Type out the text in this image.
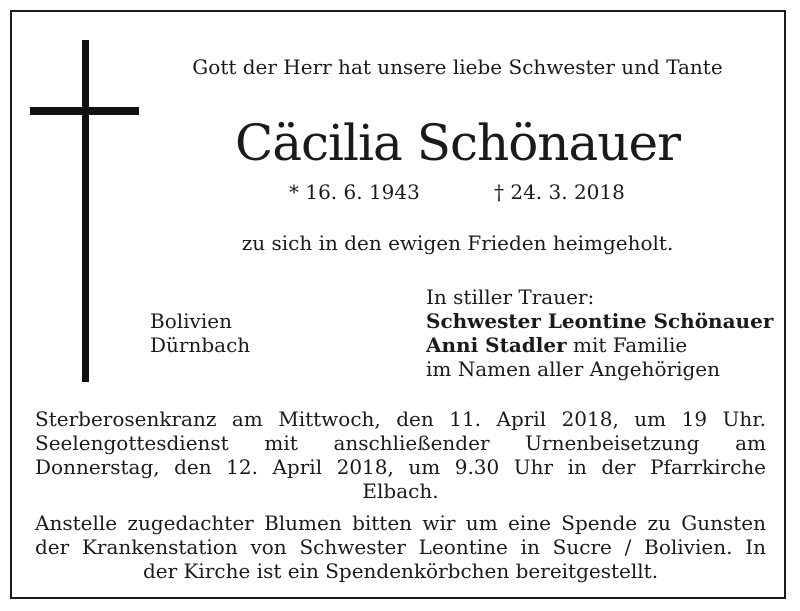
Gott der Herr hat unsere liebe Schwester und Tante
Cäcilia Schönauer
* 16. 6. 1943	† 24. 3. 2018
zu sich in den ewigen Frieden heimgeholt.
Bolivien
Dürnbach
In stiller Trauer:
Schwester Leontine Schönauer
Anni Stadler mit Familie
im Namen aller Angehörigen
Sterberosenkranz am Mittwoch, den 11. April 2018, um 19 Uhr.
Seelengottesdienst mit anschließender Urnenbeisetzung am
Donnerstag, den 12. April 2018, um 9.30 Uhr in der Pfarrkirche
Elbach.
Anstelle zugedachter Blumen bitten wir um eine Spende zu Gunsten
der Krankenstation von Schwester Leontine in Sucre / Bolivien. In
der Kirche ist ein Spendenkörbchen bereitgestellt.
